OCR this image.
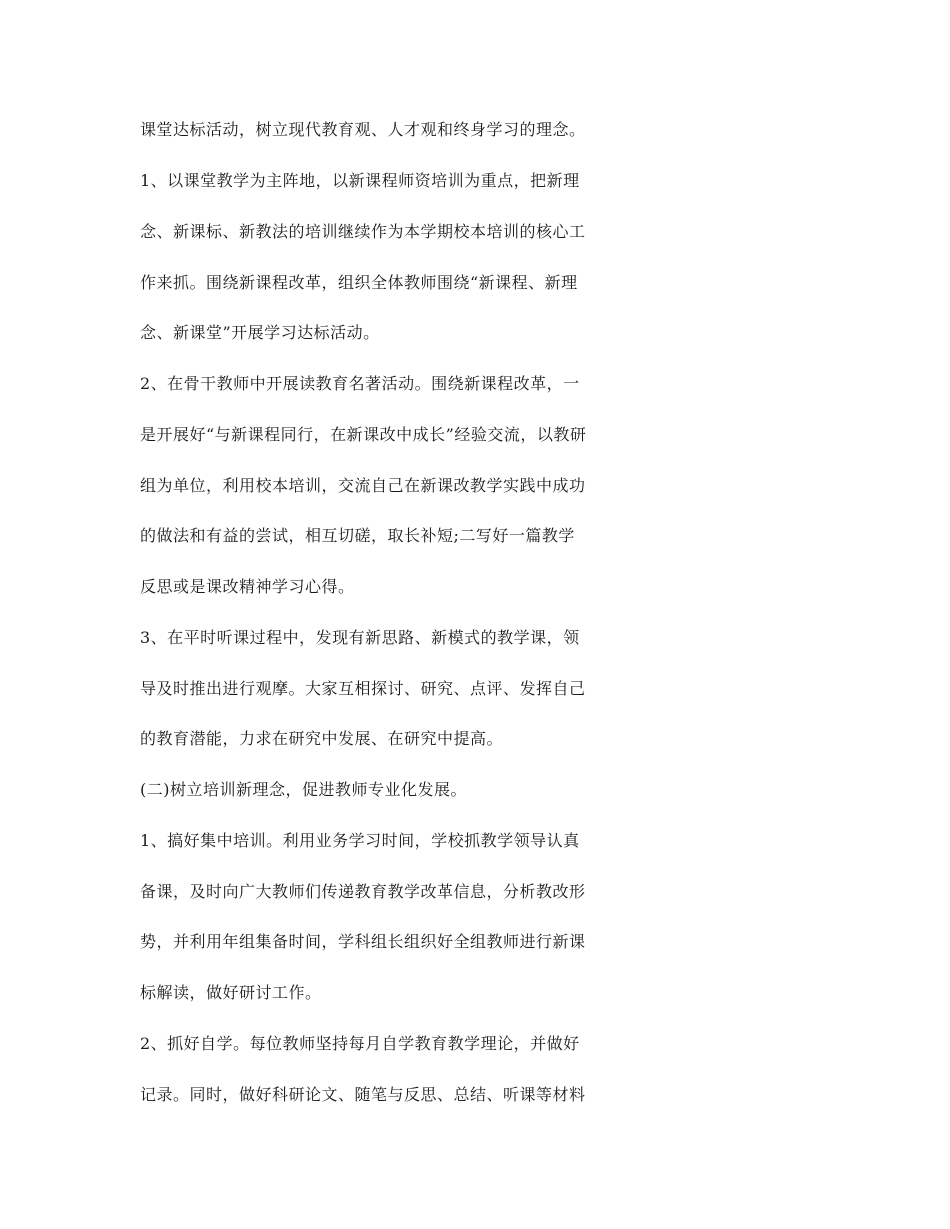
课堂达标活动，树立现代教育观、人才观和终身学习的理念。

1、以课堂教学为主阵地，以新课程师资培训为重点，把新理

念、新课标、新教法的培训继续作为本学期校本培训的核心工

作来抓。围绕新课程改革，组织全体教师围绕“新课程、新理

念、新课堂”开展学习达标活动。

2、在骨干教师中开展读教育名著活动。围绕新课程改革，一

是开展好“与新课程同行，在新课改中成长”经验交流，以教研

组为单位，利用校本培训，交流自己在新课改教学实践中成功

的做法和有益的尝试，相互切磋，取长补短;二写好一篇教学

反思或是课改精神学习心得。

3、在平时听课过程中，发现有新思路、新模式的教学课，领

导及时推出进行观摩。大家互相探讨、研究、点评、发挥自己

的教育潜能，力求在研究中发展、在研究中提高。

(二)树立培训新理念，促进教师专业化发展。

1、搞好集中培训。利用业务学习时间，学校抓教学领导认真

备课，及时向广大教师们传递教育教学改革信息，分析教改形

势，并利用年组集备时间，学科组长组织好全组教师进行新课

标解读，做好研讨工作。

2、抓好自学。每位教师坚持每月自学教育教学理论，并做好

记录。同时，做好科研论文、随笔与反思、总结、听课等材料
